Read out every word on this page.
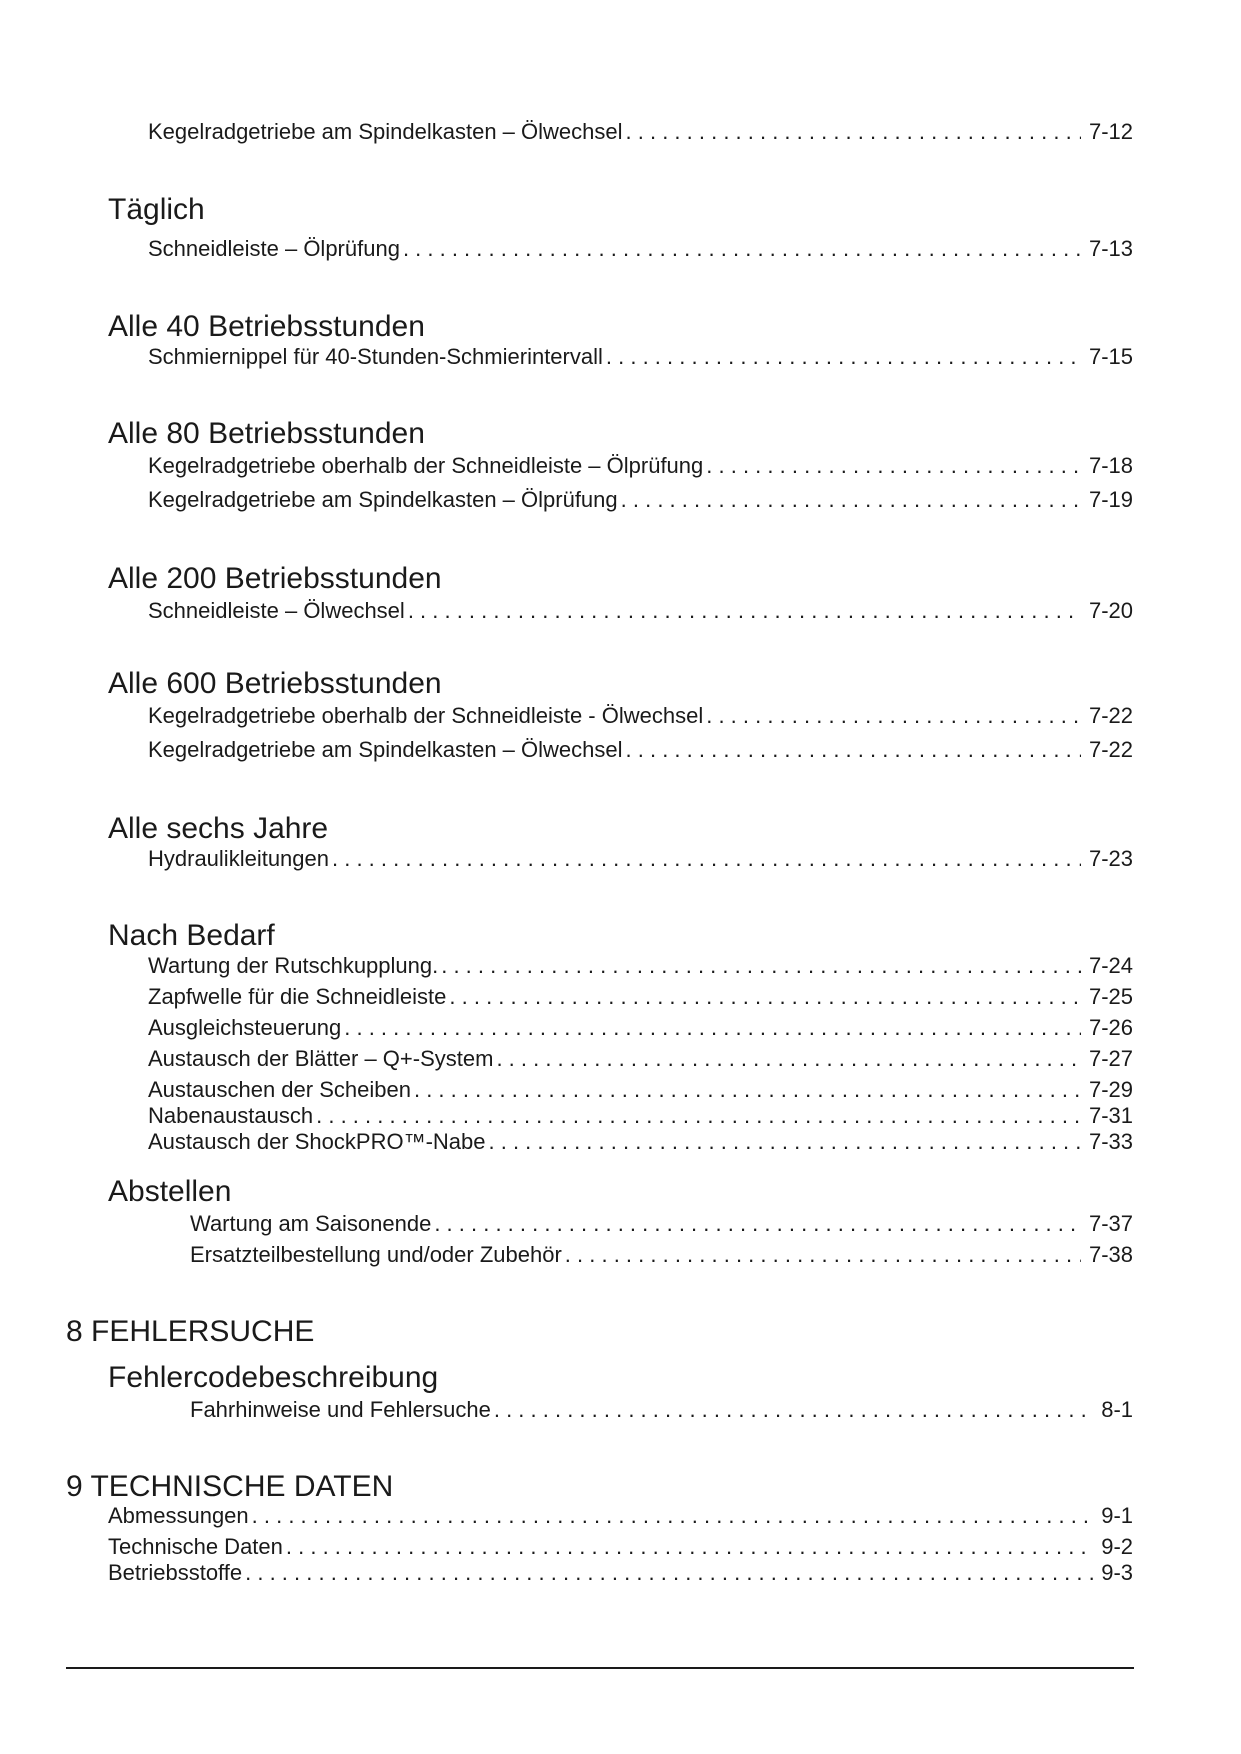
Kegelradgetriebe am Spindelkasten – Ölwechsel . . .	7-12
Täglich
Schneidleiste – Ölprüfung . . .	7-13
Alle 40 Betriebsstunden
Schmiernippel für 40-Stunden-Schmierintervall . . .	7-15
Alle 80 Betriebsstunden
Kegelradgetriebe oberhalb der Schneidleiste – Ölprüfung . . .	7-18
Kegelradgetriebe am Spindelkasten – Ölprüfung . . .	7-19
Alle 200 Betriebsstunden
Schneidleiste – Ölwechsel . . .	7-20
Alle 600 Betriebsstunden
Kegelradgetriebe oberhalb der Schneidleiste - Ölwechsel . . .	7-22
Kegelradgetriebe am Spindelkasten – Ölwechsel . . .	7-22
Alle sechs Jahre
Hydraulikleitungen . . .	7-23
Nach Bedarf
Wartung der Rutschkupplung. . . .	7-24
Zapfwelle für die Schneidleiste . . .	7-25
Ausgleichsteuerung . . .	7-26
Austausch der Blätter – Q+-System . . .	7-27
Austauschen der Scheiben . . .	7-29
Nabenaustausch . . .	7-31
Austausch der ShockPRO™-Nabe . . .	7-33
Abstellen
Wartung am Saisonende . . .	7-37
Ersatzteilbestellung und/oder Zubehör . . .	7-38
8 FEHLERSUCHE
Fehlercodebeschreibung
Fahrhinweise und Fehlersuche . . .	8-1
9 TECHNISCHE DATEN
Abmessungen . . .	9-1
Technische Daten . . .	9-2
Betriebsstoffe . . .	9-3
